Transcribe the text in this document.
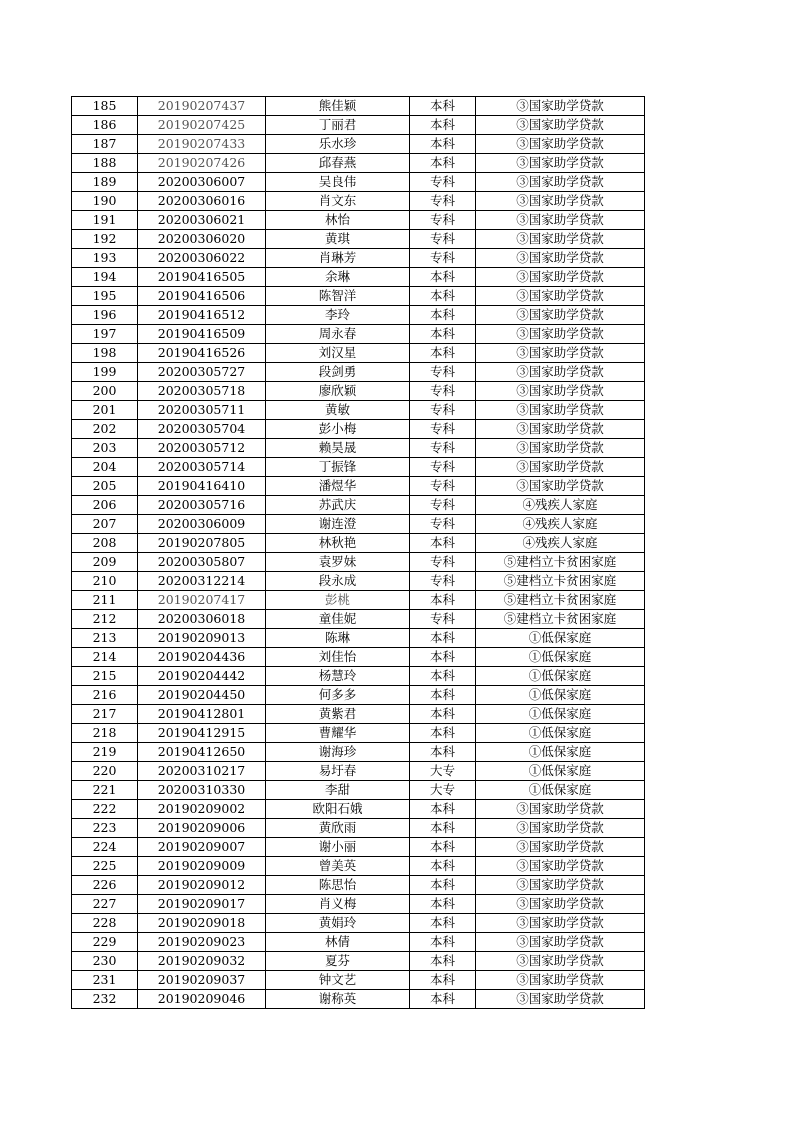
185	20190207437	熊佳颖	本科	③国家助学贷款
186	20190207425	丁丽君	本科	③国家助学贷款
187	20190207433	乐水珍	本科	③国家助学贷款
188	20190207426	邱春燕	本科	③国家助学贷款
189	20200306007	吴良伟	专科	③国家助学贷款
190	20200306016	肖文东	专科	③国家助学贷款
191	20200306021	林怡	专科	③国家助学贷款
192	20200306020	黄琪	专科	③国家助学贷款
193	20200306022	肖琳芳	专科	③国家助学贷款
194	20190416505	余琳	本科	③国家助学贷款
195	20190416506	陈智洋	本科	③国家助学贷款
196	20190416512	李玲	本科	③国家助学贷款
197	20190416509	周永春	本科	③国家助学贷款
198	20190416526	刘汉星	本科	③国家助学贷款
199	20200305727	段剑勇	专科	③国家助学贷款
200	20200305718	廖欣颖	专科	③国家助学贷款
201	20200305711	黄敏	专科	③国家助学贷款
202	20200305704	彭小梅	专科	③国家助学贷款
203	20200305712	赖昊晟	专科	③国家助学贷款
204	20200305714	丁振锋	专科	③国家助学贷款
205	20190416410	潘煜华	专科	③国家助学贷款
206	20200305716	苏武庆	专科	④残疾人家庭
207	20200306009	谢连澄	专科	④残疾人家庭
208	20190207805	林秋艳	本科	④残疾人家庭
209	20200305807	袁罗妹	专科	⑤建档立卡贫困家庭
210	20200312214	段永成	专科	⑤建档立卡贫困家庭
211	20190207417	彭桃	本科	⑤建档立卡贫困家庭
212	20200306018	童佳妮	专科	⑤建档立卡贫困家庭
213	20190209013	陈琳	本科	①低保家庭
214	20190204436	刘佳怡	本科	①低保家庭
215	20190204442	杨慧玲	本科	①低保家庭
216	20190204450	何多多	本科	①低保家庭
217	20190412801	黄紫君	本科	①低保家庭
218	20190412915	曹耀华	本科	①低保家庭
219	20190412650	谢海珍	本科	①低保家庭
220	20200310217	易圩春	大专	①低保家庭
221	20200310330	李甜	大专	①低保家庭
222	20190209002	欧阳石娥	本科	③国家助学贷款
223	20190209006	黄欣雨	本科	③国家助学贷款
224	20190209007	谢小丽	本科	③国家助学贷款
225	20190209009	曾美英	本科	③国家助学贷款
226	20190209012	陈思怡	本科	③国家助学贷款
227	20190209017	肖义梅	本科	③国家助学贷款
228	20190209018	黄娟玲	本科	③国家助学贷款
229	20190209023	林倩	本科	③国家助学贷款
230	20190209032	夏芬	本科	③国家助学贷款
231	20190209037	钟文艺	本科	③国家助学贷款
232	20190209046	谢称英	本科	③国家助学贷款
